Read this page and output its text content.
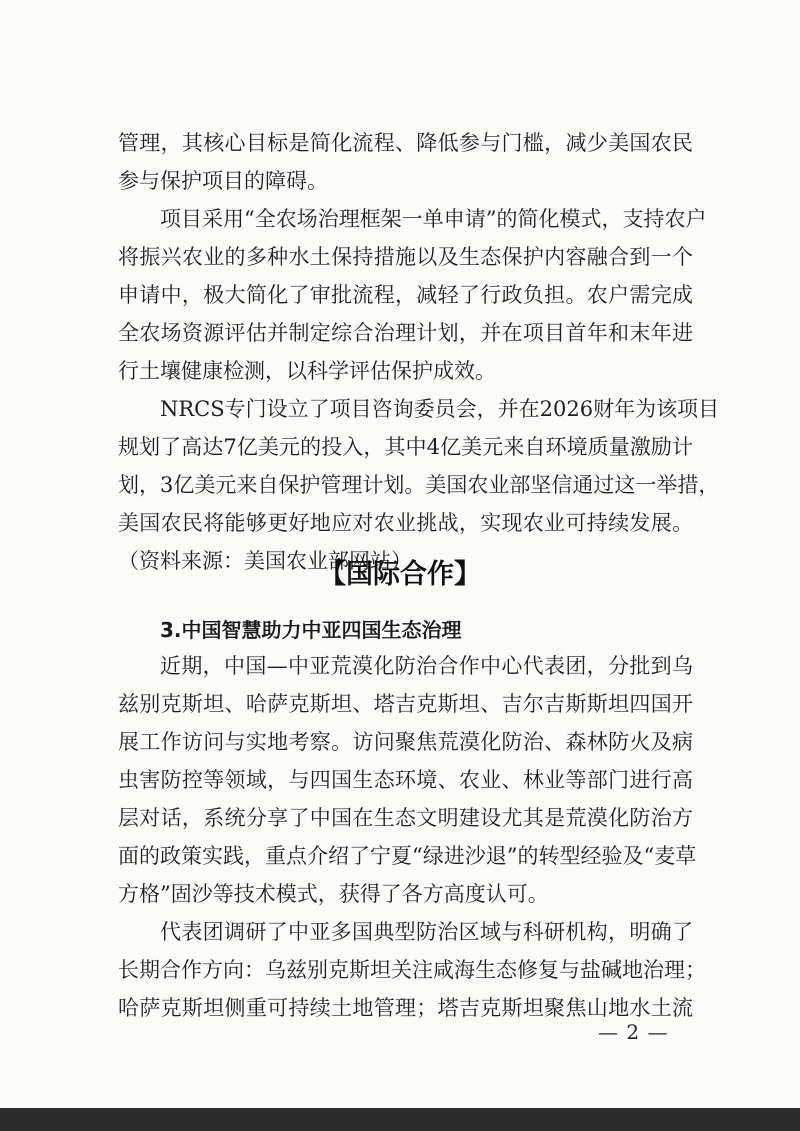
管理，其核心目标是简化流程、降低参与门槛，减少美国农民
参与保护项目的障碍。
项目采用“全农场治理框架一单申请”的简化模式，支持农户
将振兴农业的多种水土保持措施以及生态保护内容融合到一个
申请中，极大简化了审批流程，减轻了行政负担。农户需完成
全农场资源评估并制定综合治理计划，并在项目首年和末年进
行土壤健康检测，以科学评估保护成效。
NRCS专门设立了项目咨询委员会，并在2026财年为该项目
规划了高达7亿美元的投入，其中4亿美元来自环境质量激励计
划，3亿美元来自保护管理计划。美国农业部坚信通过这一举措，
美国农民将能够更好地应对农业挑战，实现农业可持续发展。
（资料来源：美国农业部网站）
【国际合作】
3.中国智慧助力中亚四国生态治理
近期，中国—中亚荒漠化防治合作中心代表团，分批到乌
兹别克斯坦、哈萨克斯坦、塔吉克斯坦、吉尔吉斯斯坦四国开
展工作访问与实地考察。访问聚焦荒漠化防治、森林防火及病
虫害防控等领域，与四国生态环境、农业、林业等部门进行高
层对话，系统分享了中国在生态文明建设尤其是荒漠化防治方
面的政策实践，重点介绍了宁夏“绿进沙退”的转型经验及“麦草
方格”固沙等技术模式，获得了各方高度认可。
代表团调研了中亚多国典型防治区域与科研机构，明确了
长期合作方向：乌兹别克斯坦关注咸海生态修复与盐碱地治理；
哈萨克斯坦侧重可持续土地管理；塔吉克斯坦聚焦山地水土流
— 2 —
